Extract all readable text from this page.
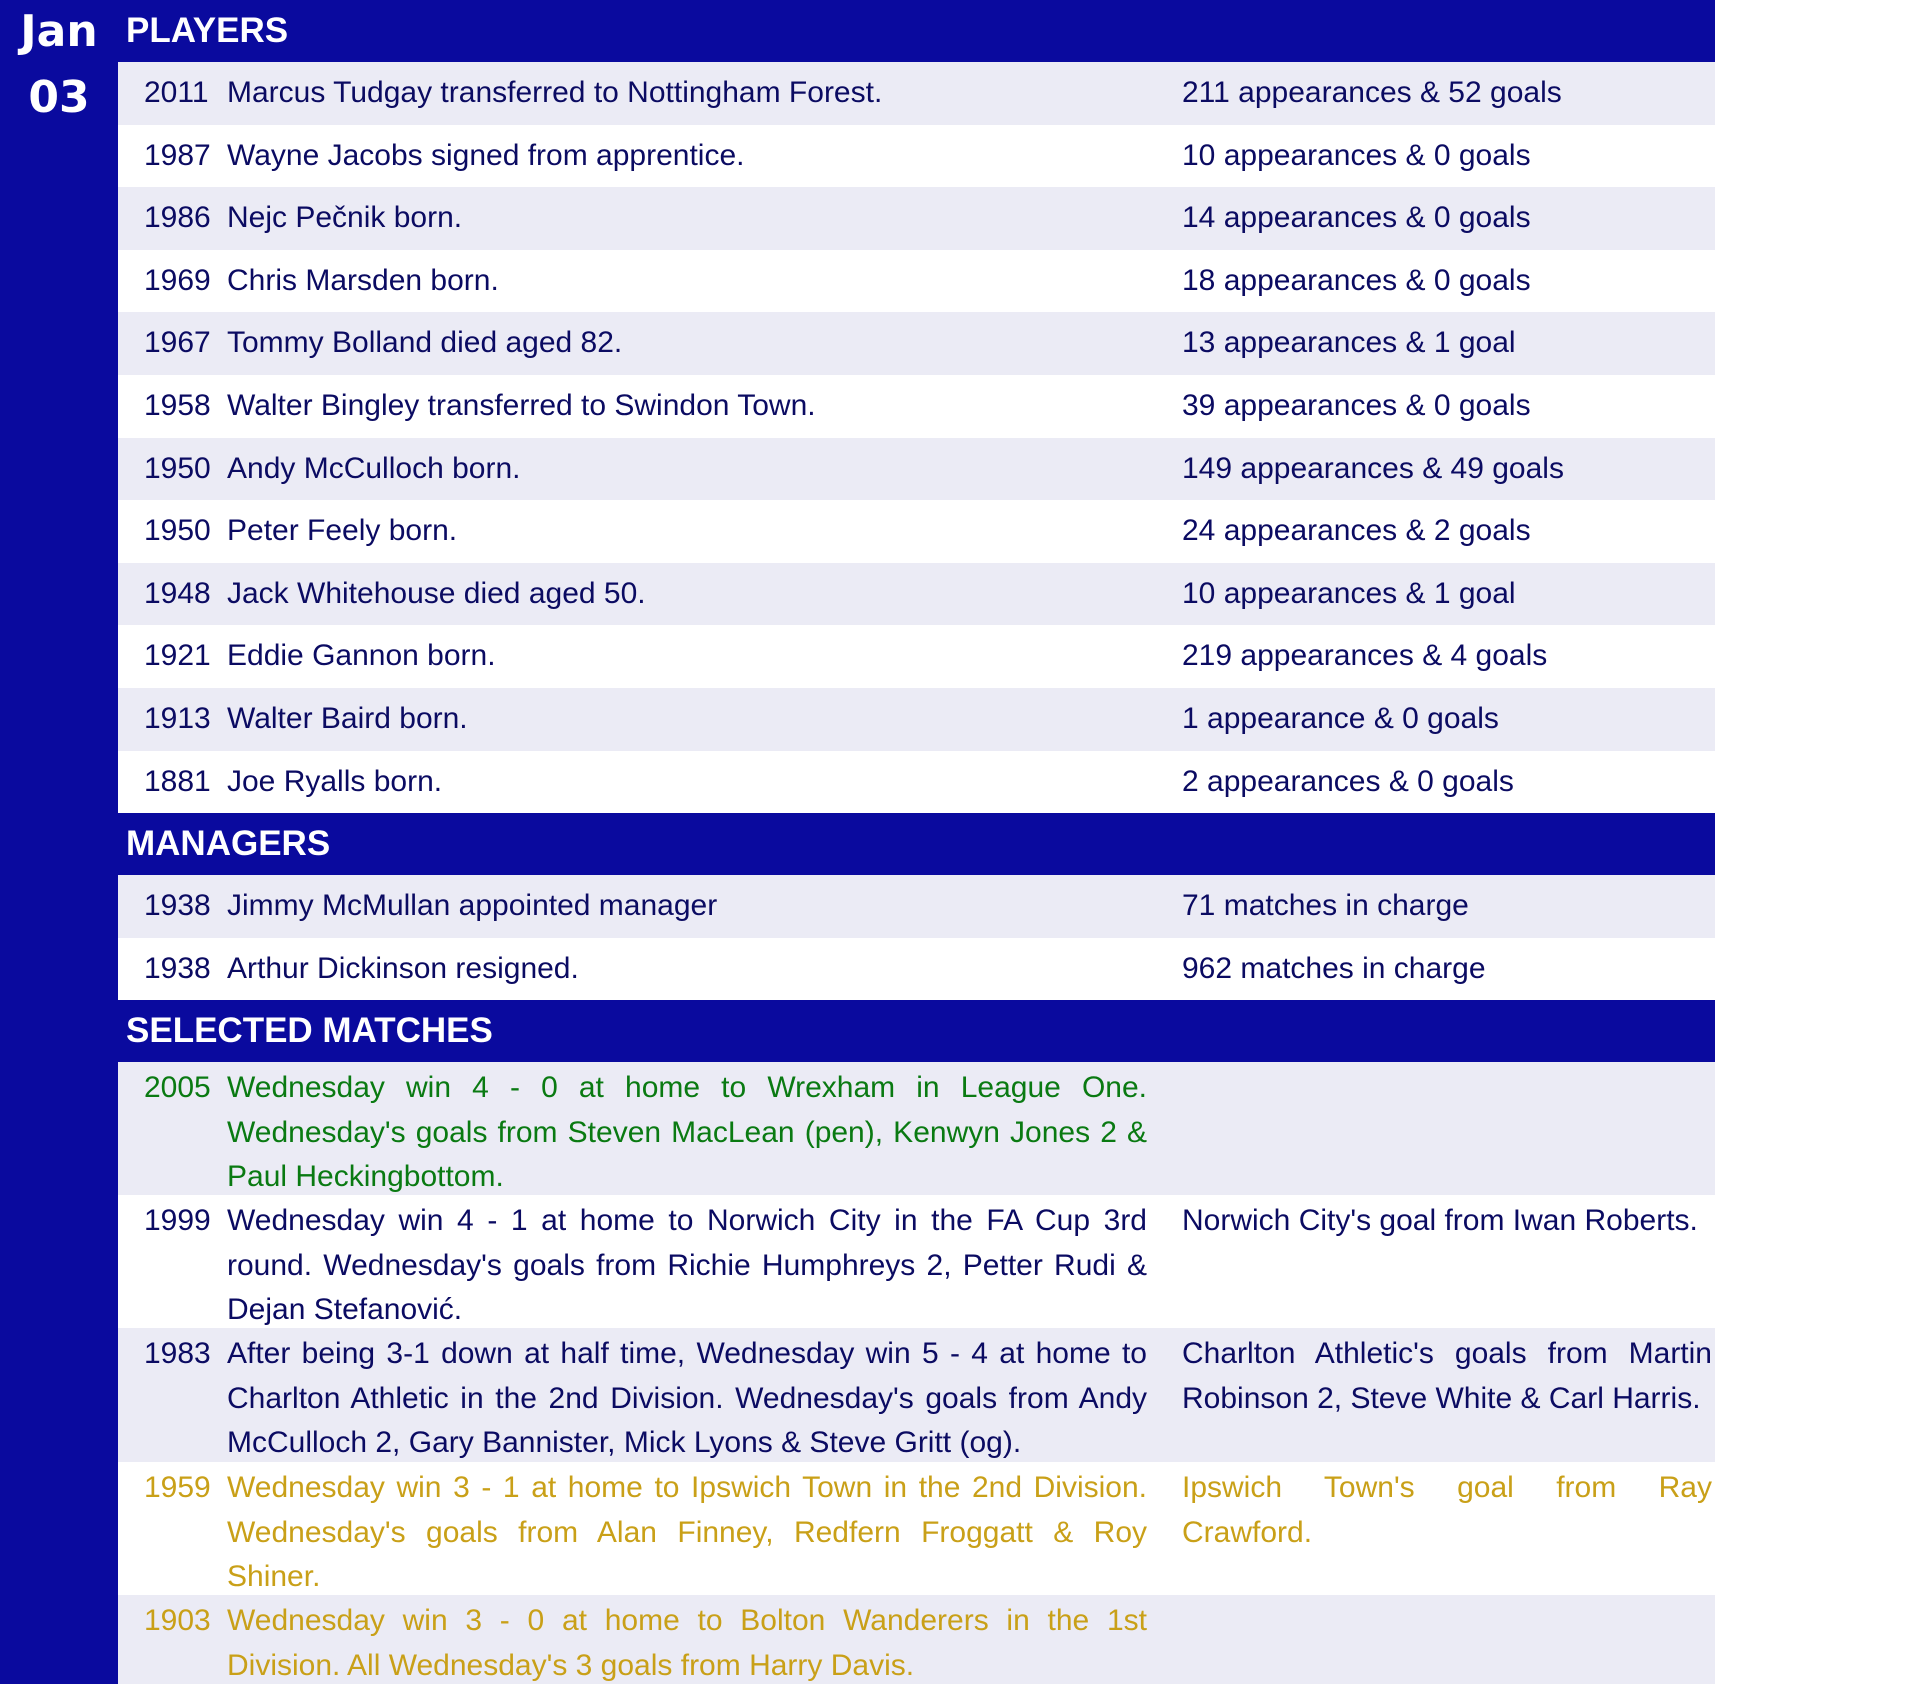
Jan
03
PLAYERS
2011 Marcus Tudgay transferred to Nottingham Forest.	211 appearances & 52 goals
1987 Wayne Jacobs signed from apprentice.	10 appearances & 0 goals
1986 Nejc Pečnik born.	14 appearances & 0 goals
1969 Chris Marsden born.	18 appearances & 0 goals
1967 Tommy Bolland died aged 82.	13 appearances & 1 goal
1958 Walter Bingley transferred to Swindon Town.	39 appearances & 0 goals
1950 Andy McCulloch born.	149 appearances & 49 goals
1950 Peter Feely born.	24 appearances & 2 goals
1948 Jack Whitehouse died aged 50.	10 appearances & 1 goal
1921 Eddie Gannon born.	219 appearances & 4 goals
1913 Walter Baird born.	1 appearance & 0 goals
1881 Joe Ryalls born.	2 appearances & 0 goals
MANAGERS
1938 Jimmy McMullan appointed manager	71 matches in charge
1938 Arthur Dickinson resigned.	962 matches in charge
SELECTED MATCHES
2005 Wednesday win 4 - 0 at home to Wrexham in League One. Wednesday's goals from Steven MacLean (pen), Kenwyn Jones 2 & Paul Heckingbottom.
1999 Wednesday win 4 - 1 at home to Norwich City in the FA Cup 3rd round. Wednesday's goals from Richie Humphreys 2, Petter Rudi & Dejan Stefanović.
Norwich City's goal from Iwan Roberts.
1983 After being 3-1 down at half time, Wednesday win 5 - 4 at home to Charlton Athletic in the 2nd Division. Wednesday's goals from Andy McCulloch 2, Gary Bannister, Mick Lyons & Steve Gritt (og).
Charlton Athletic's goals from Martin Robinson 2, Steve White & Carl Harris.
1959 Wednesday win 3 - 1 at home to Ipswich Town in the 2nd Division. Wednesday's goals from Alan Finney, Redfern Froggatt & Roy Shiner.
Ipswich Town's goal from Ray Crawford.
1903 Wednesday win 3 - 0 at home to Bolton Wanderers in the 1st Division. All Wednesday's 3 goals from Harry Davis.
